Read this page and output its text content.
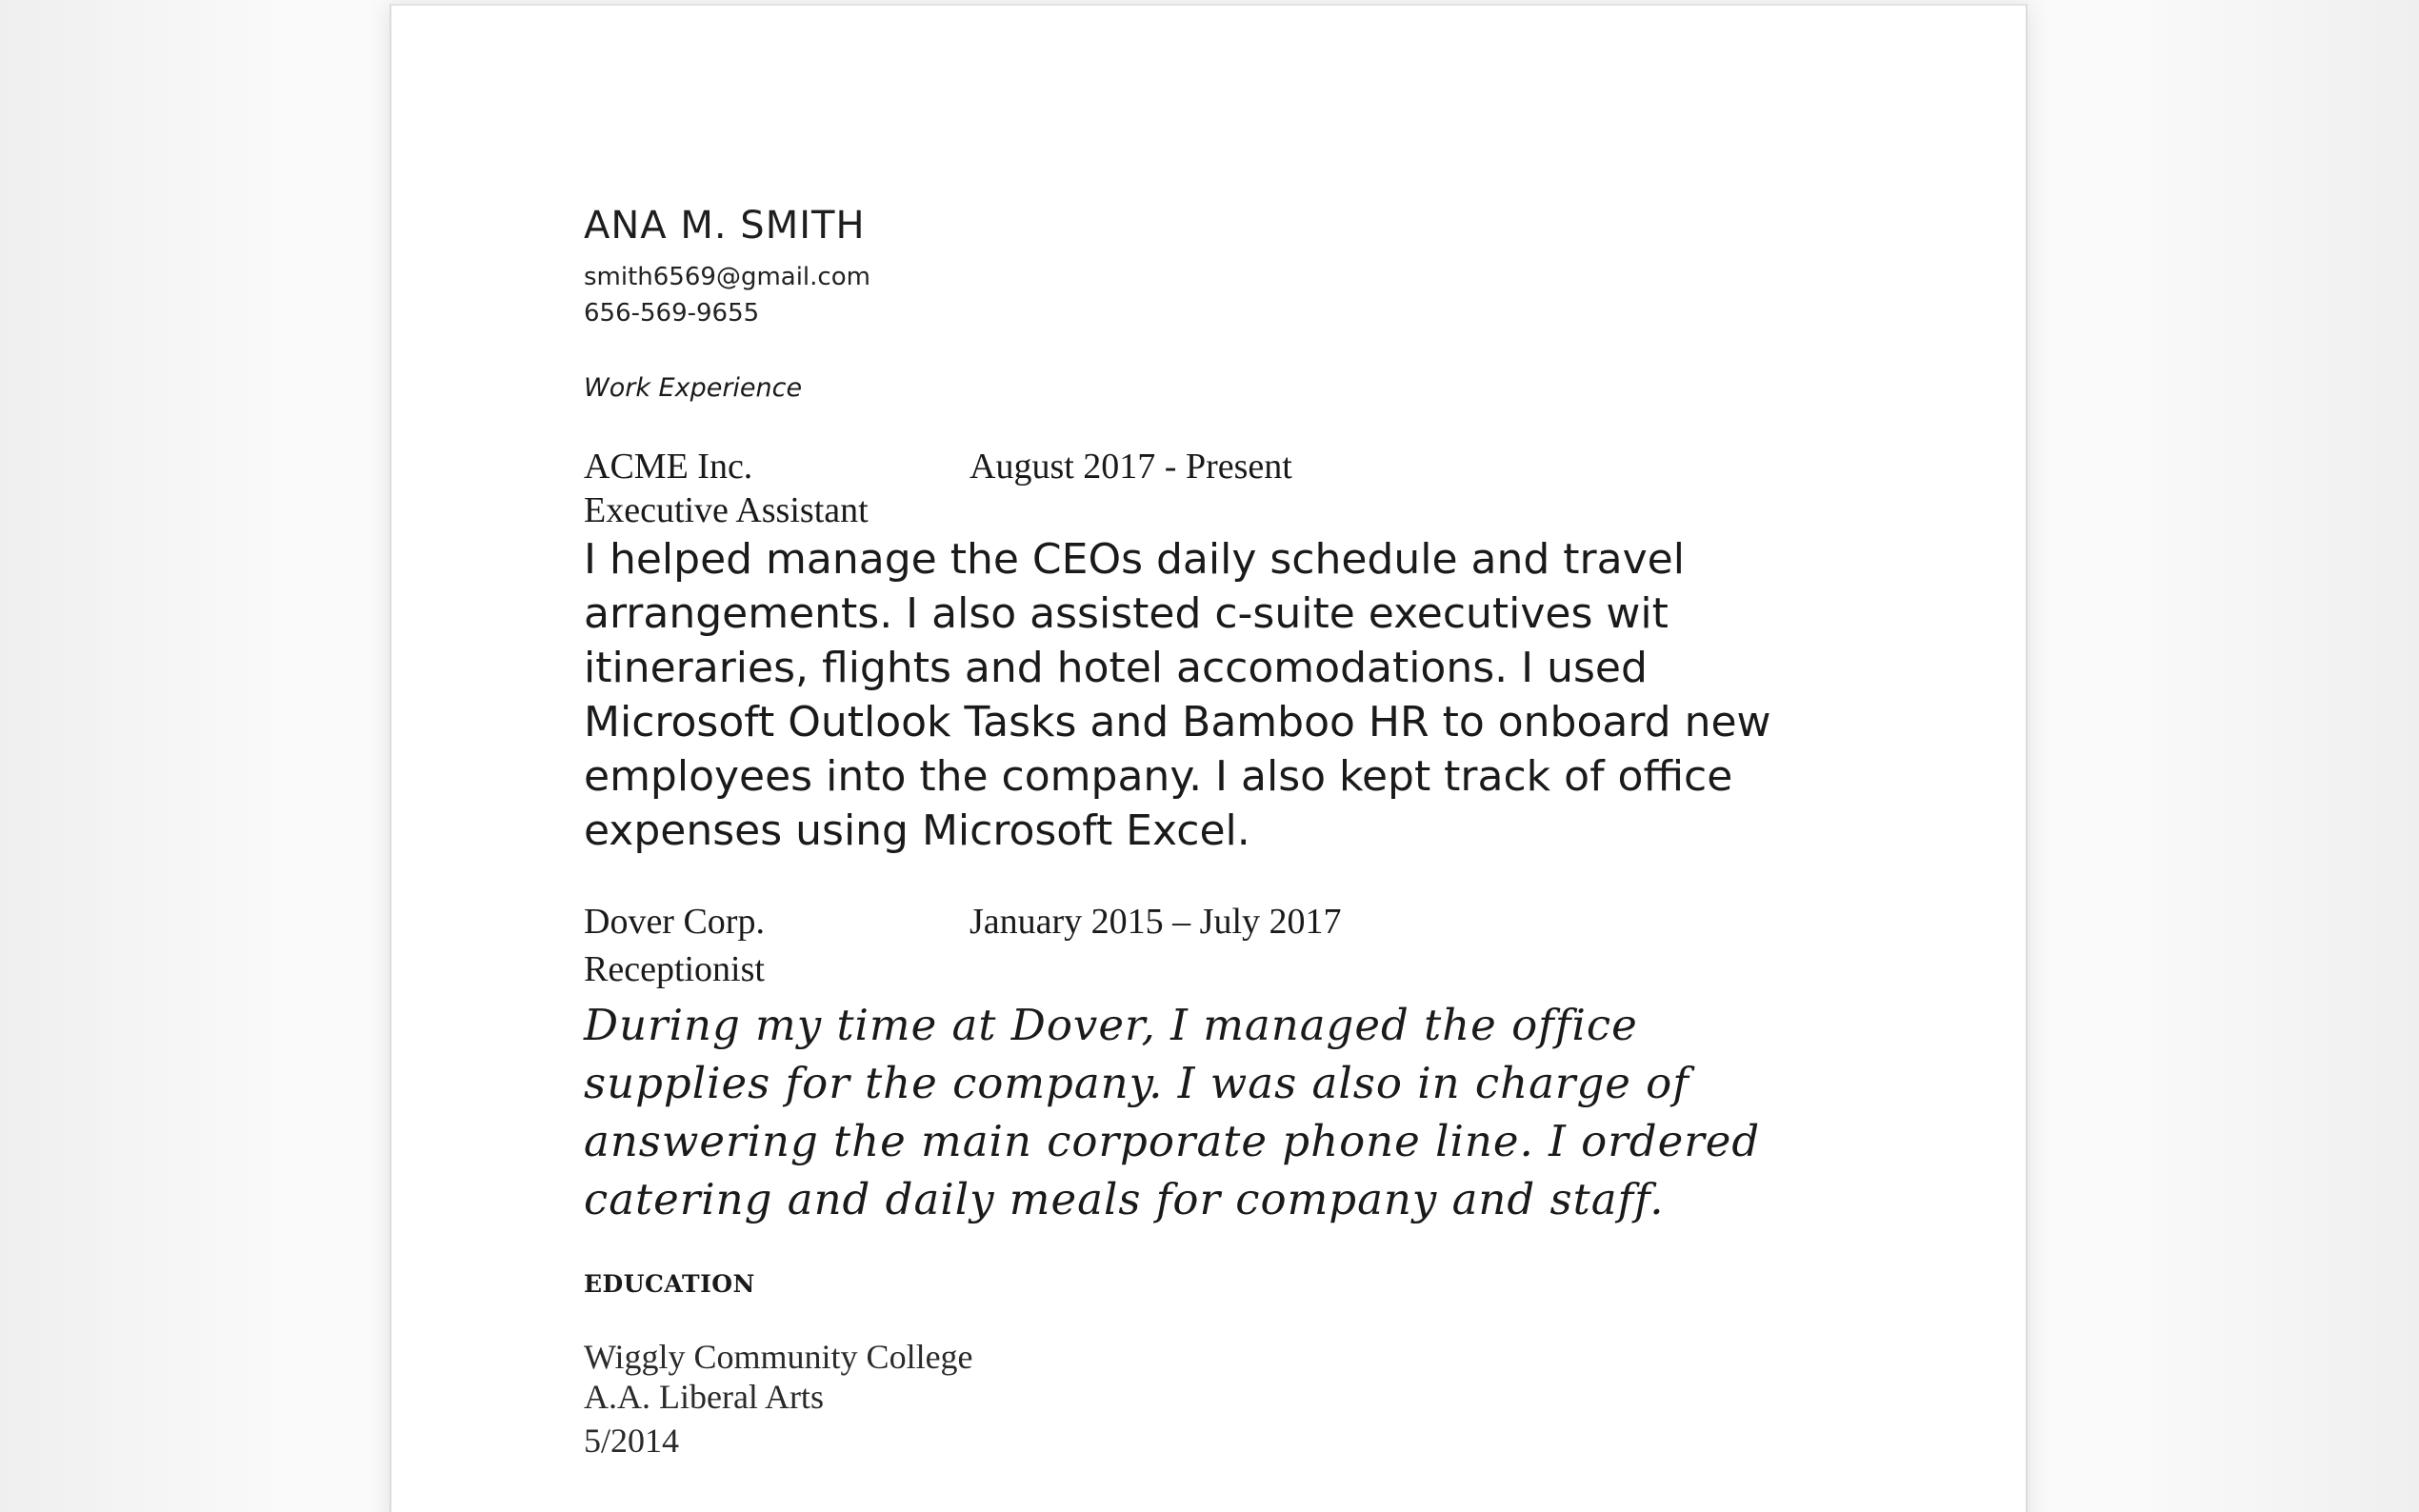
ANA M. SMITH

smith6569@gmail.com

656-569-9655

Work Experience

ACME Inc.	August 2017 - Present

Executive Assistant

I helped manage the CEOs daily schedule and travel
arrangements. I also assisted c-suite executives wit
itineraries, flights and hotel accomodations. I used
Microsoft Outlook Tasks and Bamboo HR to onboard new
employees into the company. I also kept track of office
expenses using Microsoft Excel.

Dover Corp.	January 2015 – July 2017

Receptionist

During my time at Dover, I managed the office
supplies for the company. I was also in charge of
answering the main corporate phone line. I ordered
catering and daily meals for company and staff.

EDUCATION

Wiggly Community College

A.A. Liberal Arts

5/2014
